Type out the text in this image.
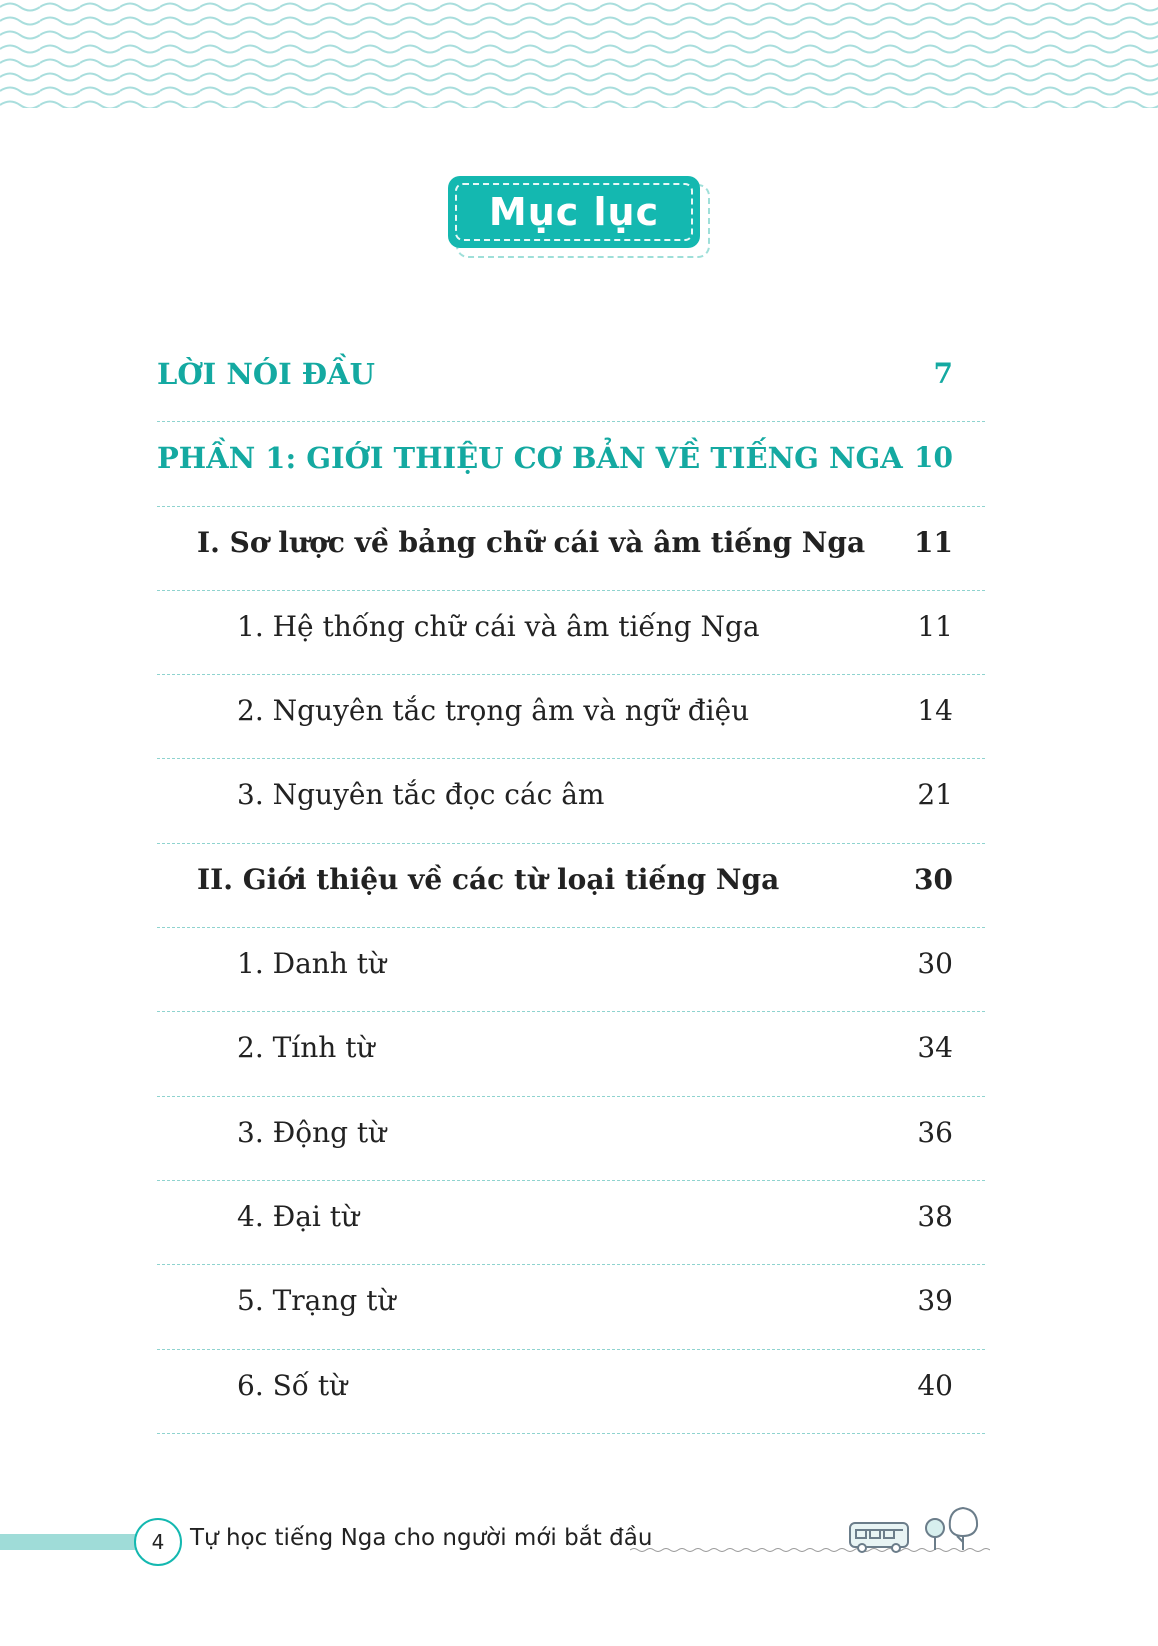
Mục lục
LỜI NÓI ĐẦU	7
PHẦN 1: GIỚI THIỆU CƠ BẢN VỀ TIẾNG NGA 10
I. Sơ lược về bảng chữ cái và âm tiếng Nga 11
1. Hệ thống chữ cái và âm tiếng Nga	11
2. Nguyên tắc trọng âm và ngữ điệu	14
3. Nguyên tắc đọc các âm	21
II. Giới thiệu về các từ loại tiếng Nga	30
1. Danh từ	30
2. Tính từ	34
3. Động từ	36
4. Đại từ	38
5. Trạng từ	39
6. Số từ	40
4 Tự học tiếng Nga cho người mới bắt đầu
